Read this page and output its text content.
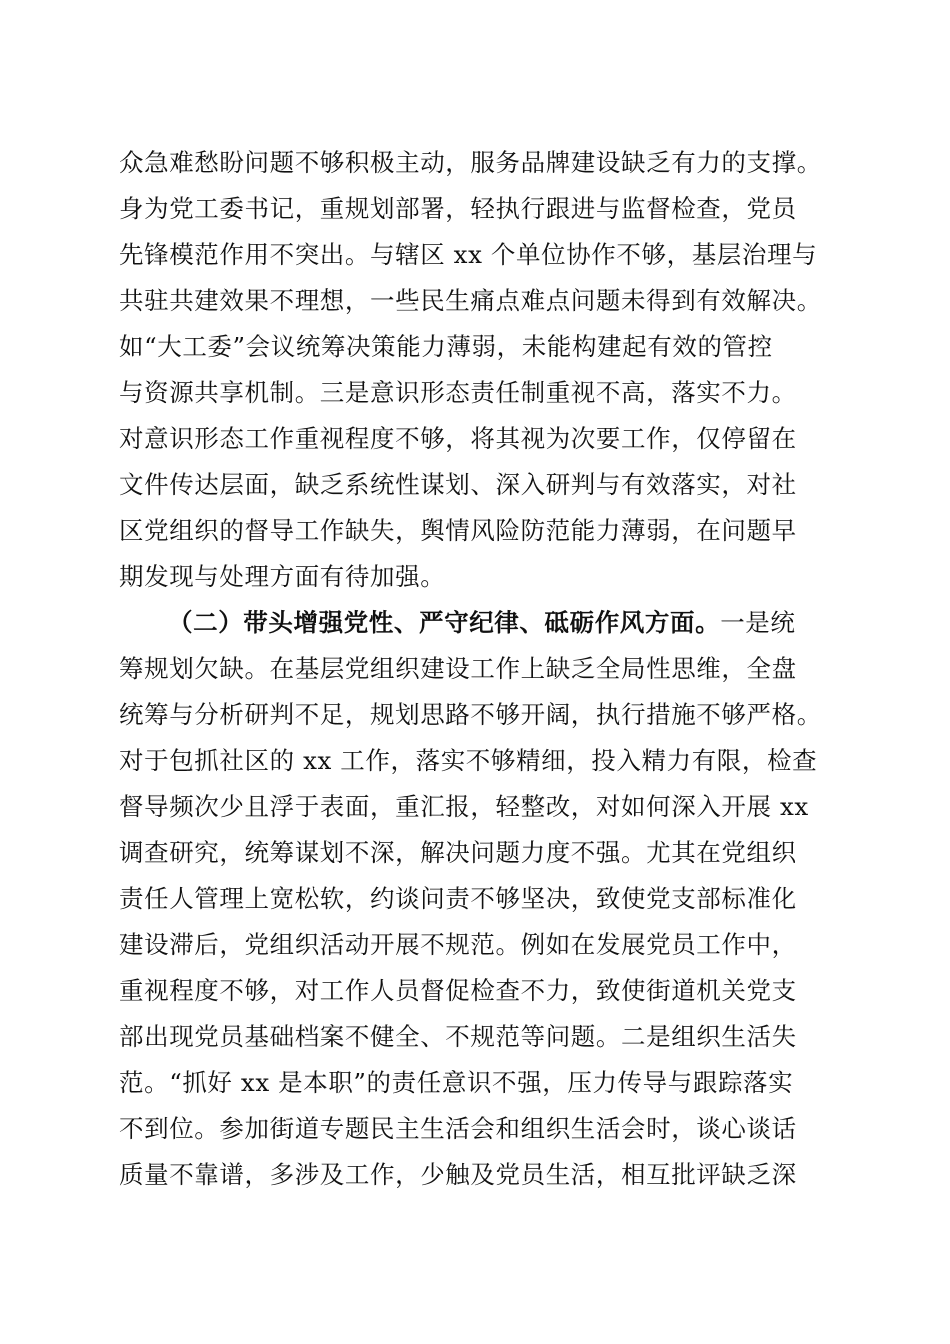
众急难愁盼问题不够积极主动，服务品牌建设缺乏有力的支撑。
身为党工委书记，重规划部署，轻执行跟进与监督检查，党员
先锋模范作用不突出。与辖区 xx 个单位协作不够，基层治理与
共驻共建效果不理想，一些民生痛点难点问题未得到有效解决。
如“大工委”会议统筹决策能力薄弱，未能构建起有效的管控
与资源共享机制。三是意识形态责任制重视不高，落实不力。
对意识形态工作重视程度不够，将其视为次要工作，仅停留在
文件传达层面，缺乏系统性谋划、深入研判与有效落实，对社
区党组织的督导工作缺失，舆情风险防范能力薄弱，在问题早
期发现与处理方面有待加强。
（二）带头增强党性、严守纪律、砥砺作风方面。一是统
筹规划欠缺。在基层党组织建设工作上缺乏全局性思维，全盘
统筹与分析研判不足，规划思路不够开阔，执行措施不够严格。
对于包抓社区的 xx 工作，落实不够精细，投入精力有限，检查
督导频次少且浮于表面，重汇报，轻整改，对如何深入开展 xx
调查研究，统筹谋划不深，解决问题力度不强。尤其在党组织
责任人管理上宽松软，约谈问责不够坚决，致使党支部标准化
建设滞后，党组织活动开展不规范。例如在发展党员工作中，
重视程度不够，对工作人员督促检查不力，致使街道机关党支
部出现党员基础档案不健全、不规范等问题。二是组织生活失
范。“抓好 xx 是本职”的责任意识不强，压力传导与跟踪落实
不到位。参加街道专题民主生活会和组织生活会时，谈心谈话
质量不靠谱，多涉及工作，少触及党员生活，相互批评缺乏深
